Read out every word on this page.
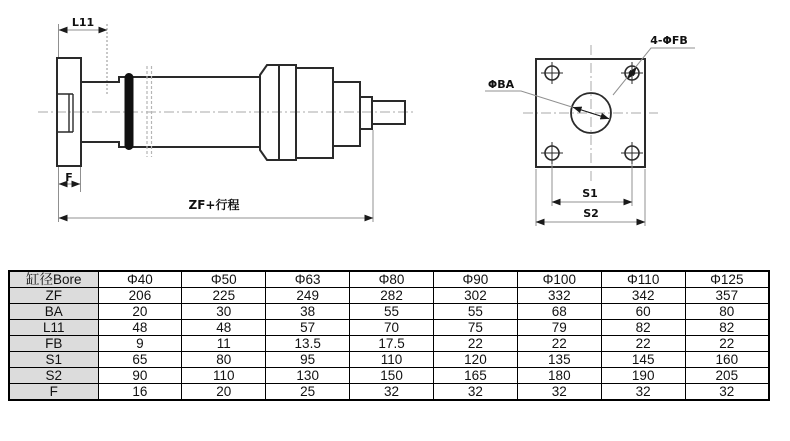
L11
F
ZF+行程
ΦBA
4-ΦFB
S1
S2
缸径Bore	Φ40	Φ50	Φ63	Φ80	Φ90	Φ100	Φ110	Φ125
ZF	206	225	249	282	302	332	342	357
BA	20	30	38	55	55	68	60	80
L11	48	48	57	70	75	79	82	82
FB	9	11	13.5	17.5	22	22	22	22
S1	65	80	95	110	120	135	145	160
S2	90	110	130	150	165	180	190	205
F	16	20	25	32	32	32	32	32
